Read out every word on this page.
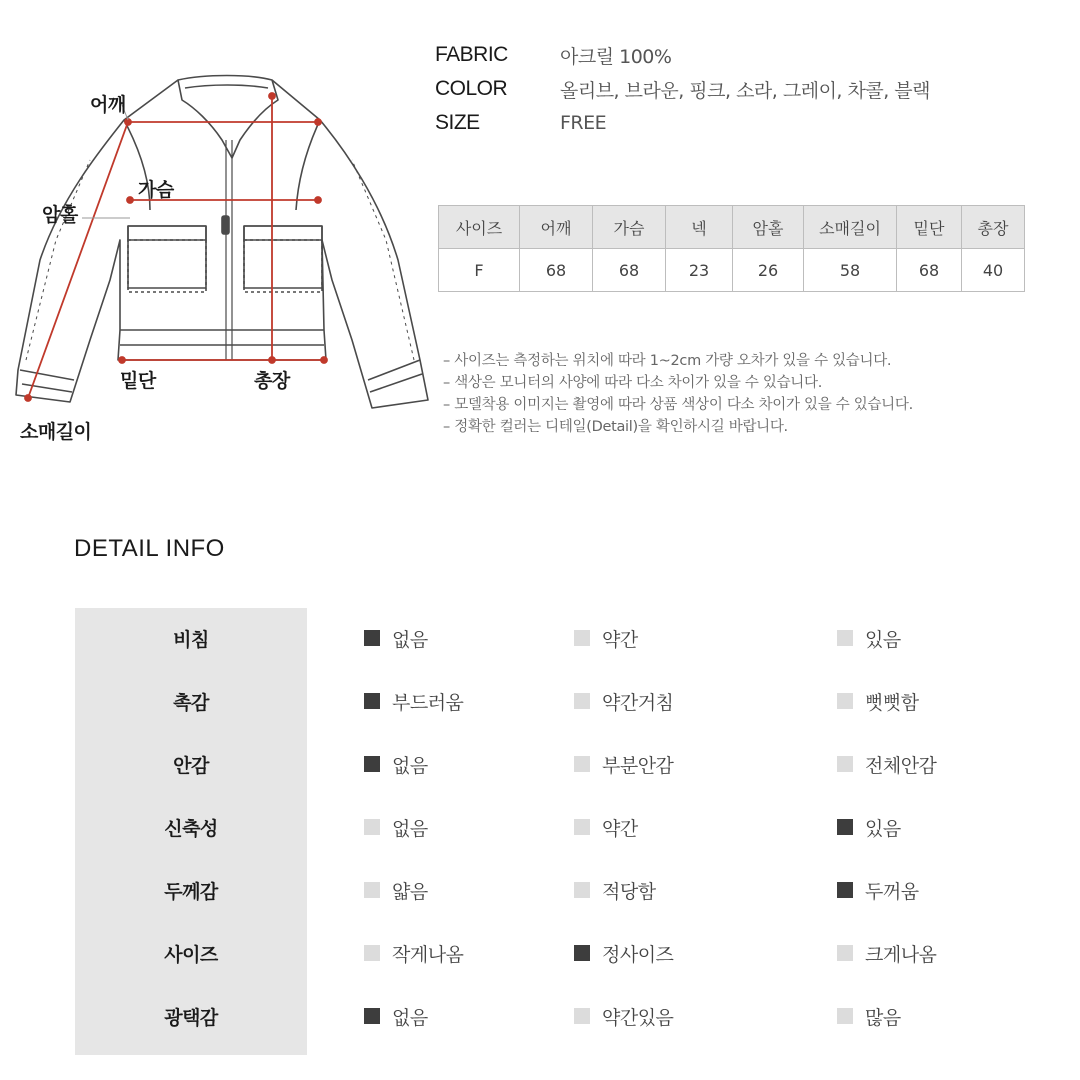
어깨
가슴
암홀
밑단	총장
소매길이
FABRIC	아크릴 100%
COLOR	올리브, 브라운, 핑크, 소라, 그레이, 차콜, 블랙
SIZE	FREE
사이즈	어깨	가슴	넥	암홀	소매길이	밑단	총장
F	68	68	23	26	58	68	40
– 사이즈는 측정하는 위치에 따라 1~2cm 가량 오차가 있을 수 있습니다.
– 색상은 모니터의 사양에 따라 다소 차이가 있을 수 있습니다.
– 모델착용 이미지는 촬영에 따라 상품 색상이 다소 차이가 있을 수 있습니다.
– 정확한 컬러는 디테일(Detail)을 확인하시길 바랍니다.
DETAIL INFO
비침	없음	약간	있음
촉감	부드러움	약간거침	뻣뻣함
안감	없음	부분안감	전체안감
신축성	없음	약간	있음
두께감	얇음	적당함	두꺼움
사이즈	작게나옴	정사이즈	크게나옴
광택감	없음	약간있음	많음
